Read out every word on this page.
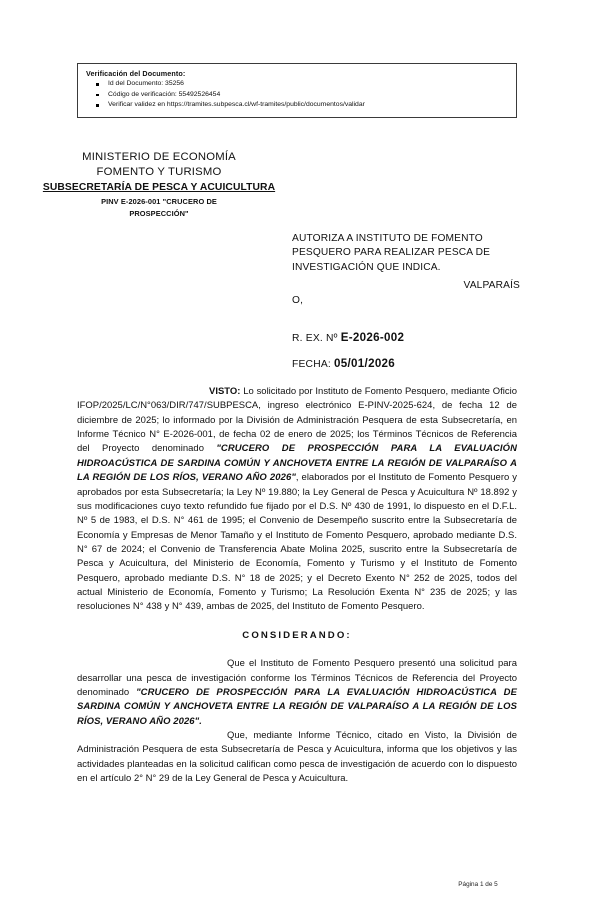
Verificación del Documento:
Id del Documento: 35256
Código de verificación: 55492526454
Verificar validez en https://tramites.subpesca.cl/wf-tramites/public/documentos/validar
MINISTERIO DE ECONOMÍA
FOMENTO Y TURISMO
SUBSECRETARÍA DE PESCA Y ACUICULTURA
PINV E-2026-001 "CRUCERO DE
PROSPECCIÓN"
AUTORIZA A INSTITUTO DE FOMENTO
PESQUERO PARA REALIZAR PESCA DE
INVESTIGACIÓN QUE INDICA.
VALPARAÍS
O,
R. EX. Nº E-2026-002
FECHA: 05/01/2026

VISTO: Lo solicitado por Instituto de Fomento Pesquero, mediante Oficio IFOP/2025/LC/N°063/DIR/747/SUBPESCA, ingreso electrónico E-PINV-2025-624, de fecha 12 de diciembre de 2025; lo informado por la División de Administración Pesquera de esta Subsecretaría, en Informe Técnico N° E-2026-001, de fecha 02 de enero de 2025; los Términos Técnicos de Referencia del Proyecto denominado "CRUCERO DE PROSPECCIÓN PARA LA EVALUACIÓN HIDROACÚSTICA DE SARDINA COMÚN Y ANCHOVETA ENTRE LA REGIÓN DE VALPARAÍSO A LA REGIÓN DE LOS RÍOS, VERANO AÑO 2026", elaborados por el Instituto de Fomento Pesquero y aprobados por esta Subsecretaría; la Ley Nº 19.880; la Ley General de Pesca y Acuicultura Nº 18.892 y sus modificaciones cuyo texto refundido fue fijado por el D.S. Nº 430 de 1991, lo dispuesto en el D.F.L. Nº 5 de 1983, el D.S. N° 461 de 1995; el Convenio de Desempeño suscrito entre la Subsecretaría de Economía y Empresas de Menor Tamaño y el Instituto de Fomento Pesquero, aprobado mediante D.S. N° 67 de 2024; el Convenio de Transferencia Abate Molina 2025, suscrito entre la Subsecretaría de Pesca y Acuicultura, del Ministerio de Economía, Fomento y Turismo y el Instituto de Fomento Pesquero, aprobado mediante D.S. N° 18 de 2025; y el Decreto Exento N° 252 de 2025, todos del actual Ministerio de Economía, Fomento y Turismo; La Resolución Exenta N° 235 de 2025; y las resoluciones N° 438 y N° 439, ambas de 2025, del Instituto de Fomento Pesquero.

CONSIDERANDO:

Que el Instituto de Fomento Pesquero presentó una solicitud para desarrollar una pesca de investigación conforme los Términos Técnicos de Referencia del Proyecto denominado "CRUCERO DE PROSPECCIÓN PARA LA EVALUACIÓN HIDROACÚSTICA DE SARDINA COMÚN Y ANCHOVETA ENTRE LA REGIÓN DE VALPARAÍSO A LA REGIÓN DE LOS RÍOS, VERANO AÑO 2026".

Que, mediante Informe Técnico, citado en Visto, la División de Administración Pesquera de esta Subsecretaría de Pesca y Acuicultura, informa que los objetivos y las actividades planteadas en la solicitud califican como pesca de investigación de acuerdo con lo dispuesto en el artículo 2° N° 29 de la Ley General de Pesca y Acuicultura.

Página 1 de 5
